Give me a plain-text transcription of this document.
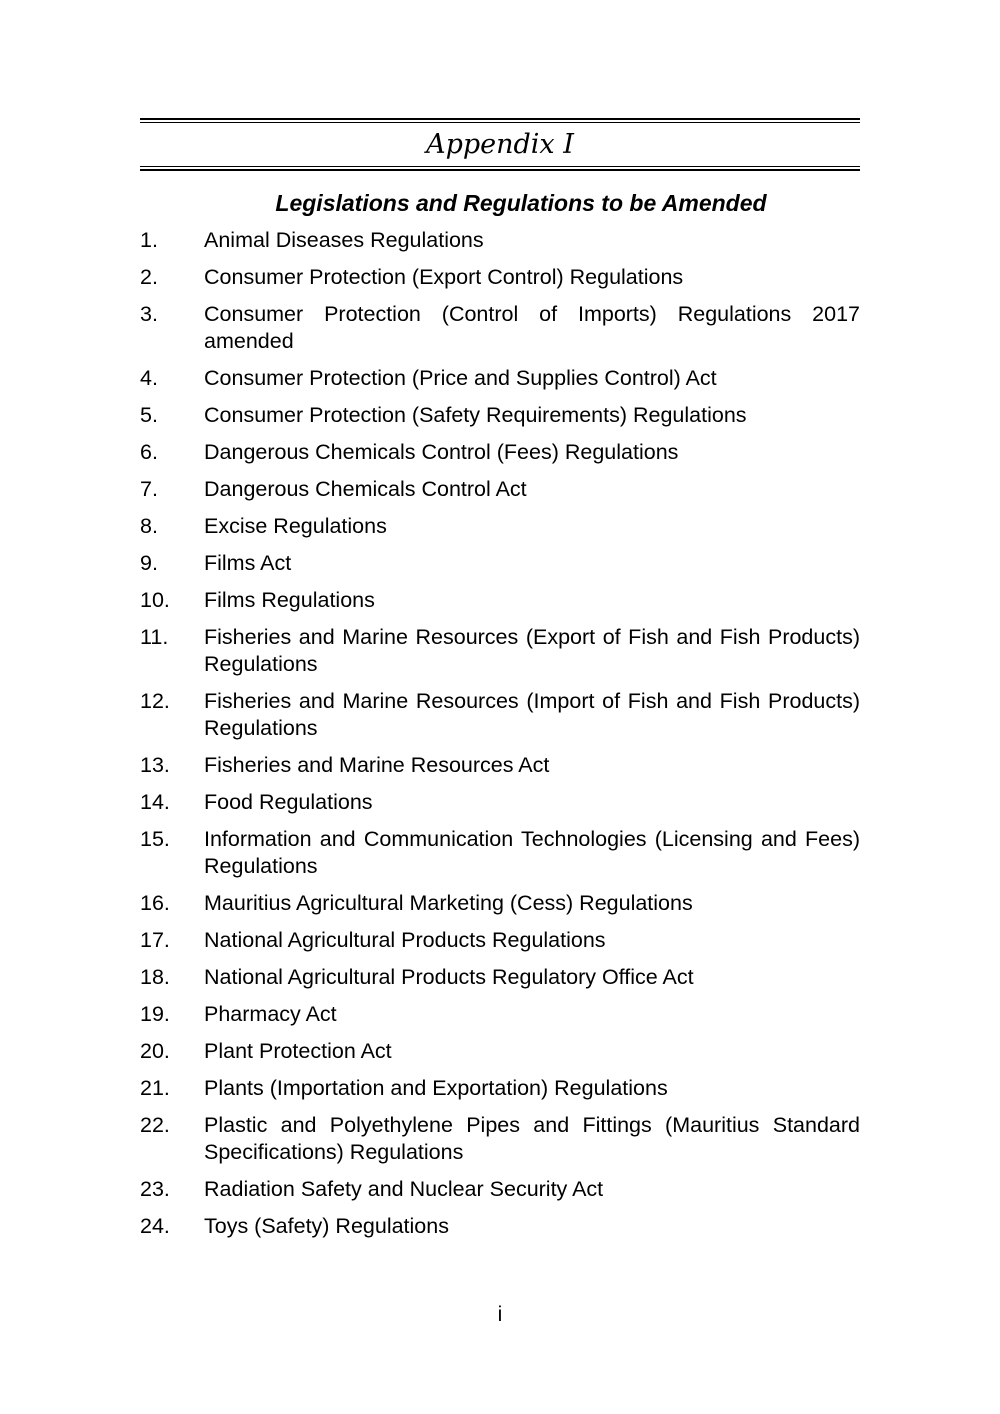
Appendix I
Legislations and Regulations to be Amended
1.	Animal Diseases Regulations
2.	Consumer Protection (Export Control) Regulations
3.	Consumer Protection (Control of Imports) Regulations 2017 amended
4.	Consumer Protection (Price and Supplies Control) Act
5.	Consumer Protection (Safety Requirements) Regulations
6.	Dangerous Chemicals Control (Fees) Regulations
7.	Dangerous Chemicals Control Act
8.	Excise Regulations
9.	Films Act
10.	Films Regulations
11.	Fisheries and Marine Resources (Export of Fish and Fish Products) Regulations
12.	Fisheries and Marine Resources (Import of Fish and Fish Products) Regulations
13.	Fisheries and Marine Resources Act
14.	Food Regulations
15.	Information and Communication Technologies (Licensing and Fees) Regulations
16.	Mauritius Agricultural Marketing (Cess) Regulations
17.	National Agricultural Products Regulations
18.	National Agricultural Products Regulatory Office Act
19.	Pharmacy Act
20.	Plant Protection Act
21.	Plants (Importation and Exportation) Regulations
22.	Plastic and Polyethylene Pipes and Fittings (Mauritius Standard Specifications) Regulations
23.	Radiation Safety and Nuclear Security Act
24.	Toys (Safety) Regulations
i
